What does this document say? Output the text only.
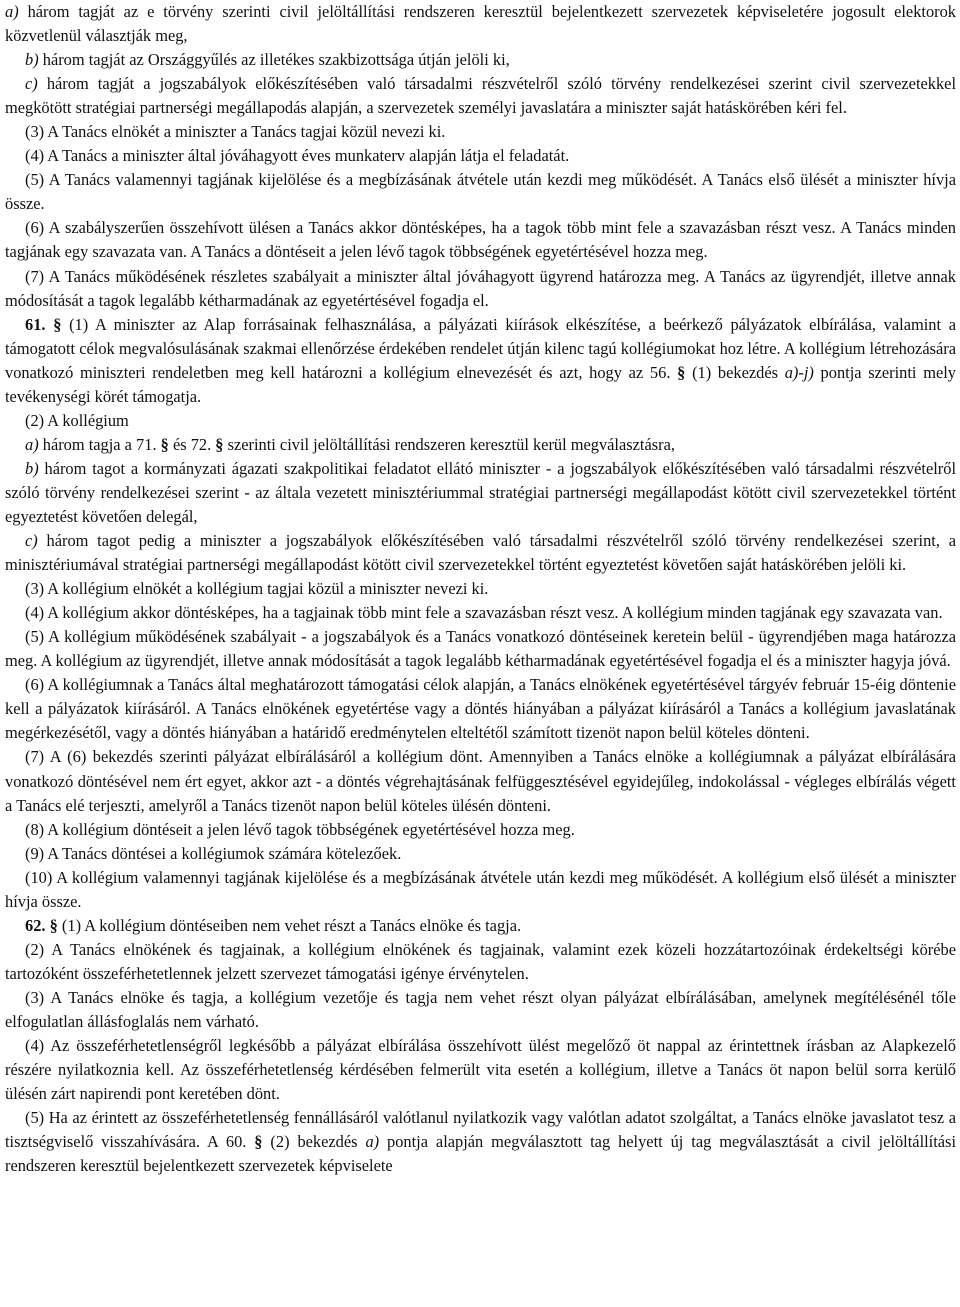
a) három tagját az e törvény szerinti civil jelöltállítási rendszeren keresztül bejelentkezett szervezetek képviseletére jogosult elektorok közvetlenül választják meg,

b) három tagját az Országgyűlés az illetékes szakbizottsága útján jelöli ki,

c) három tagját a jogszabályok előkészítésében való társadalmi részvételről szóló törvény rendelkezései szerint civil szervezetekkel megkötött stratégiai partnerségi megállapodás alapján, a szervezetek személyi javaslatára a miniszter saját hatáskörében kéri fel.

(3) A Tanács elnökét a miniszter a Tanács tagjai közül nevezi ki.

(4) A Tanács a miniszter által jóváhagyott éves munkaterv alapján látja el feladatát.

(5) A Tanács valamennyi tagjának kijelölése és a megbízásának átvétele után kezdi meg működését. A Tanács első ülését a miniszter hívja össze.

(6) A szabályszerűen összehívott ülésen a Tanács akkor döntésképes, ha a tagok több mint fele a szavazásban részt vesz. A Tanács minden tagjának egy szavazata van. A Tanács a döntéseit a jelen lévő tagok többségének egyetértésével hozza meg.

(7) A Tanács működésének részletes szabályait a miniszter által jóváhagyott ügyrend határozza meg. A Tanács az ügyrendjét, illetve annak módosítását a tagok legalább kétharmadának az egyetértésével fogadja el.

61. § (1) A miniszter az Alap forrásainak felhasználása, a pályázati kiírások elkészítése, a beérkező pályázatok elbírálása, valamint a támogatott célok megvalósulásának szakmai ellenőrzése érdekében rendelet útján kilenc tagú kollégiumokat hoz létre. A kollégium létrehozására vonatkozó miniszteri rendeletben meg kell határozni a kollégium elnevezését és azt, hogy az 56. § (1) bekezdés a)-j) pontja szerinti mely tevékenységi körét támogatja.

(2) A kollégium

a) három tagja a 71. § és 72. § szerinti civil jelöltállítási rendszeren keresztül kerül megválasztásra,

b) három tagot a kormányzati ágazati szakpolitikai feladatot ellátó miniszter - a jogszabályok előkészítésében való társadalmi részvételről szóló törvény rendelkezései szerint - az általa vezetett minisztériummal stratégiai partnerségi megállapodást kötött civil szervezetekkel történt egyeztetést követően delegál,

c) három tagot pedig a miniszter a jogszabályok előkészítésében való társadalmi részvételről szóló törvény rendelkezései szerint, a minisztériumával stratégiai partnerségi megállapodást kötött civil szervezetekkel történt egyeztetést követően saját hatáskörében jelöli ki.

(3) A kollégium elnökét a kollégium tagjai közül a miniszter nevezi ki.

(4) A kollégium akkor döntésképes, ha a tagjainak több mint fele a szavazásban részt vesz. A kollégium minden tagjának egy szavazata van.

(5) A kollégium működésének szabályait - a jogszabályok és a Tanács vonatkozó döntéseinek keretein belül - ügyrendjében maga határozza meg. A kollégium az ügyrendjét, illetve annak módosítását a tagok legalább kétharmadának egyetértésével fogadja el és a miniszter hagyja jóvá.

(6) A kollégiumnak a Tanács által meghatározott támogatási célok alapján, a Tanács elnökének egyetértésével tárgyév február 15-éig döntenie kell a pályázatok kiírásáról. A Tanács elnökének egyetértése vagy a döntés hiányában a pályázat kiírásáról a Tanács a kollégium javaslatának megérkezésétől, vagy a döntés hiányában a határidő eredménytelen elteltétől számított tizenöt napon belül köteles dönteni.

(7) A (6) bekezdés szerinti pályázat elbírálásáról a kollégium dönt. Amennyiben a Tanács elnöke a kollégiumnak a pályázat elbírálására vonatkozó döntésével nem ért egyet, akkor azt - a döntés végrehajtásának felfüggesztésével egyidejűleg, indokolással - végleges elbírálás végett a Tanács elé terjeszti, amelyről a Tanács tizenöt napon belül köteles ülésén dönteni.

(8) A kollégium döntéseit a jelen lévő tagok többségének egyetértésével hozza meg.

(9) A Tanács döntései a kollégiumok számára kötelezőek.

(10) A kollégium valamennyi tagjának kijelölése és a megbízásának átvétele után kezdi meg működését. A kollégium első ülését a miniszter hívja össze.

62. § (1) A kollégium döntéseiben nem vehet részt a Tanács elnöke és tagja.

(2) A Tanács elnökének és tagjainak, a kollégium elnökének és tagjainak, valamint ezek közeli hozzátartozóinak érdekeltségi körébe tartozóként összeférhetetlennek jelzett szervezet támogatási igénye érvénytelen.

(3) A Tanács elnöke és tagja, a kollégium vezetője és tagja nem vehet részt olyan pályázat elbírálásában, amelynek megítélésénél tőle elfogulatlan állásfoglalás nem várható.

(4) Az összeférhetetlenségről legkésőbb a pályázat elbírálása összehívott ülést megelőző öt nappal az érintettnek írásban az Alapkezelő részére nyilatkoznia kell. Az összeférhetetlenség kérdésében felmerült vita esetén a kollégium, illetve a Tanács öt napon belül sorra kerülő ülésén zárt napirendi pont keretében dönt.

(5) Ha az érintett az összeférhetetlenség fennállásáról valótlanul nyilatkozik vagy valótlan adatot szolgáltat, a Tanács elnöke javaslatot tesz a tisztségviselő visszahívására. A 60. § (2) bekezdés a) pontja alapján megválasztott tag helyett új tag megválasztását a civil jelöltállítási rendszeren keresztül bejelentkezett szervezetek képviselete
